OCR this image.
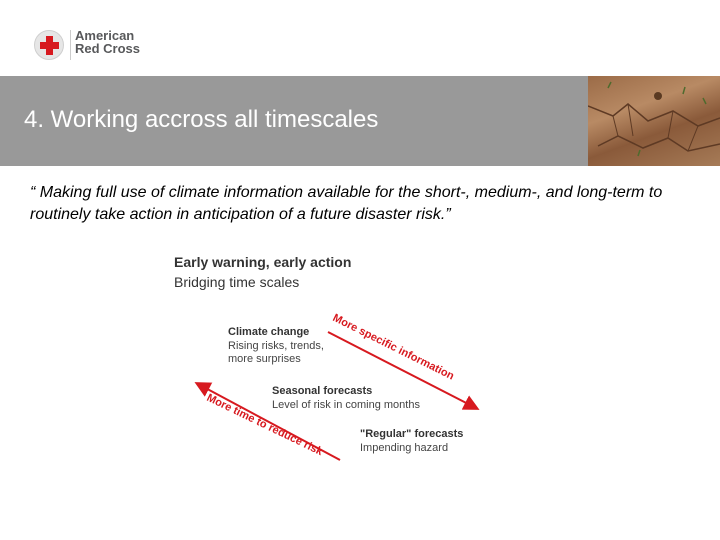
American
Red Cross
4. Working accross all timescales
“ Making full use of climate information available for the short-, medium-, and long-term to routinely take action in anticipation of a future disaster risk.”
Early warning, early action
Bridging time scales
Climate change
Rising risks, trends,
more surprises
Seasonal forecasts
Level of risk in coming months
"Regular" forecasts
Impending hazard
More specific information
More time to reduce risk
